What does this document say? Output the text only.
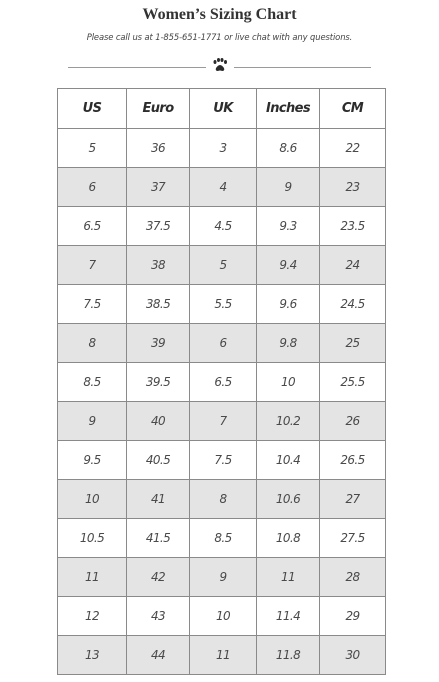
Women’s Sizing Chart
Please call us at 1-855-651-1771 or live chat with any questions.
US	Euro	UK	Inches	CM
5	36	3	8.6	22
6	37	4	9	23
6.5	37.5	4.5	9.3	23.5
7	38	5	9.4	24
7.5	38.5	5.5	9.6	24.5
8	39	6	9.8	25
8.5	39.5	6.5	10	25.5
9	40	7	10.2	26
9.5	40.5	7.5	10.4	26.5
10	41	8	10.6	27
10.5	41.5	8.5	10.8	27.5
11	42	9	11	28
12	43	10	11.4	29
13	44	11	11.8	30
